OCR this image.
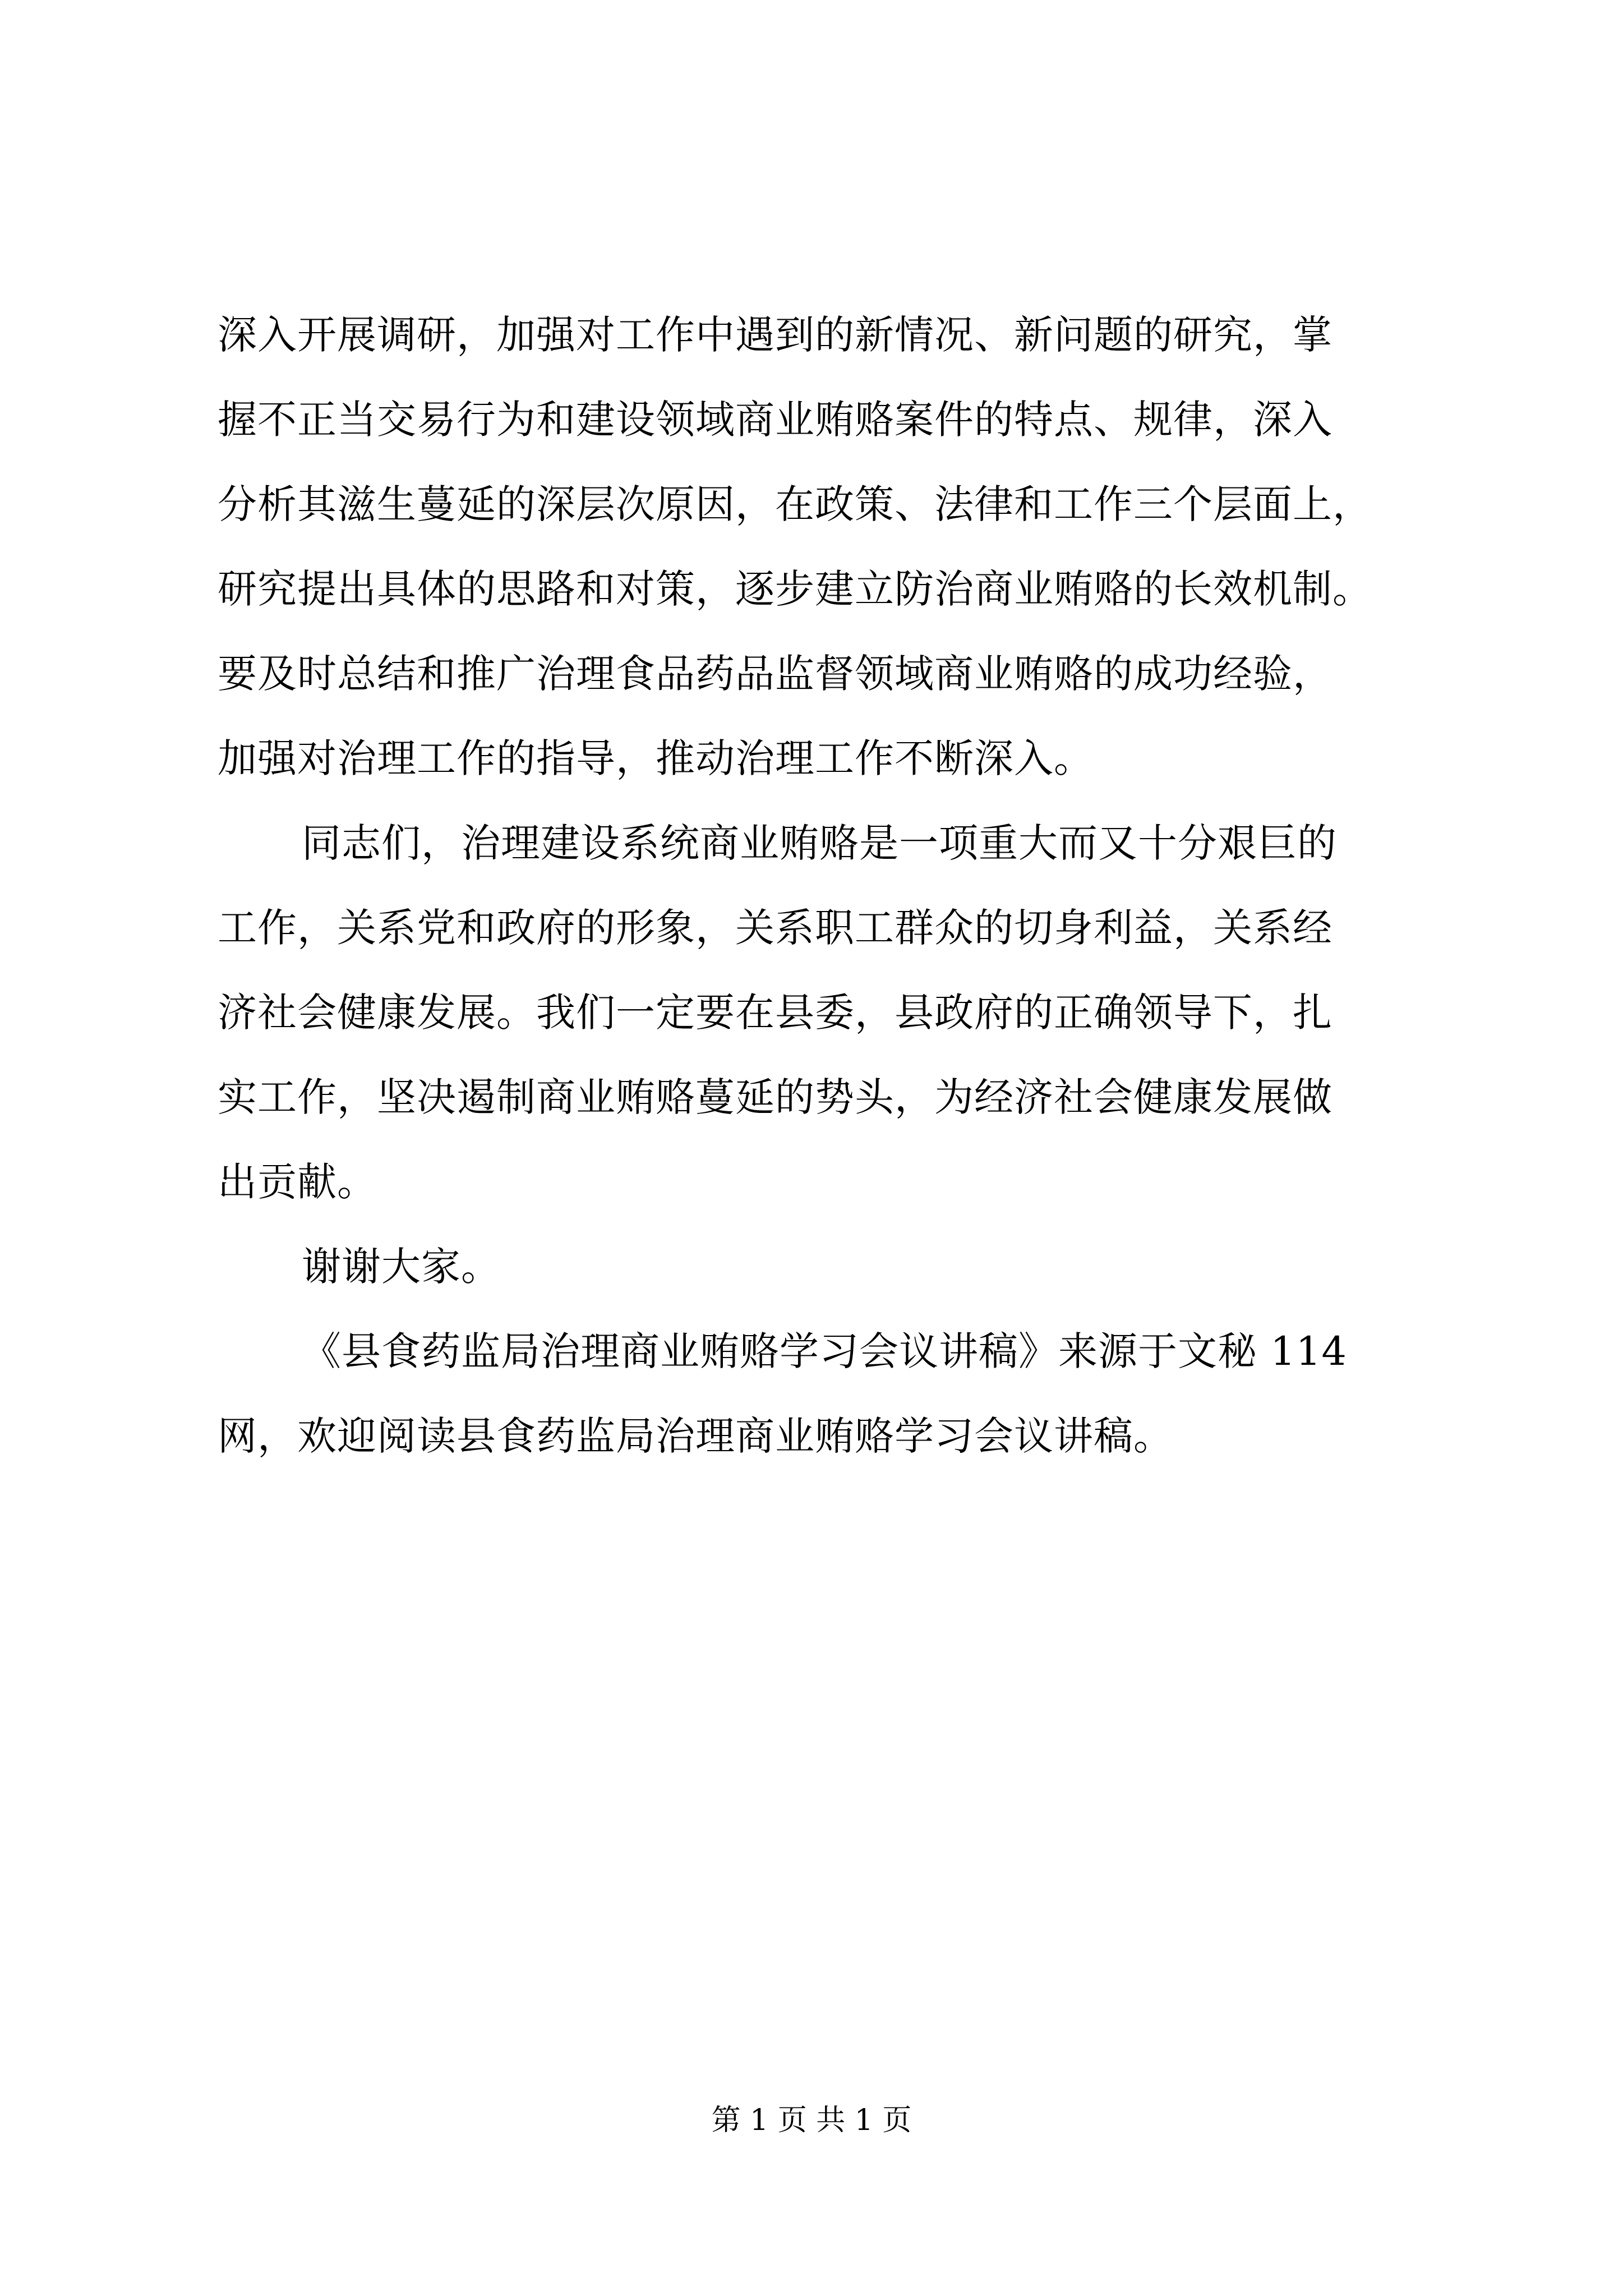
深入开展调研，加强对工作中遇到的新情况、新问题的研究，掌
握不正当交易行为和建设领域商业贿赂案件的特点、规律，深入
分析其滋生蔓延的深层次原因，在政策、法律和工作三个层面上，
研究提出具体的思路和对策，逐步建立防治商业贿赂的长效机制。
要及时总结和推广治理食品药品监督领域商业贿赂的成功经验，
加强对治理工作的指导，推动治理工作不断深入。
同志们，治理建设系统商业贿赂是一项重大而又十分艰巨的
工作，关系党和政府的形象，关系职工群众的切身利益，关系经
济社会健康发展。我们一定要在县委，县政府的正确领导下，扎
实工作，坚决遏制商业贿赂蔓延的势头，为经济社会健康发展做
出贡献。
谢谢大家。
《县食药监局治理商业贿赂学习会议讲稿》来源于文秘 114
网，欢迎阅读县食药监局治理商业贿赂学习会议讲稿。
第 1 页 共 1 页
